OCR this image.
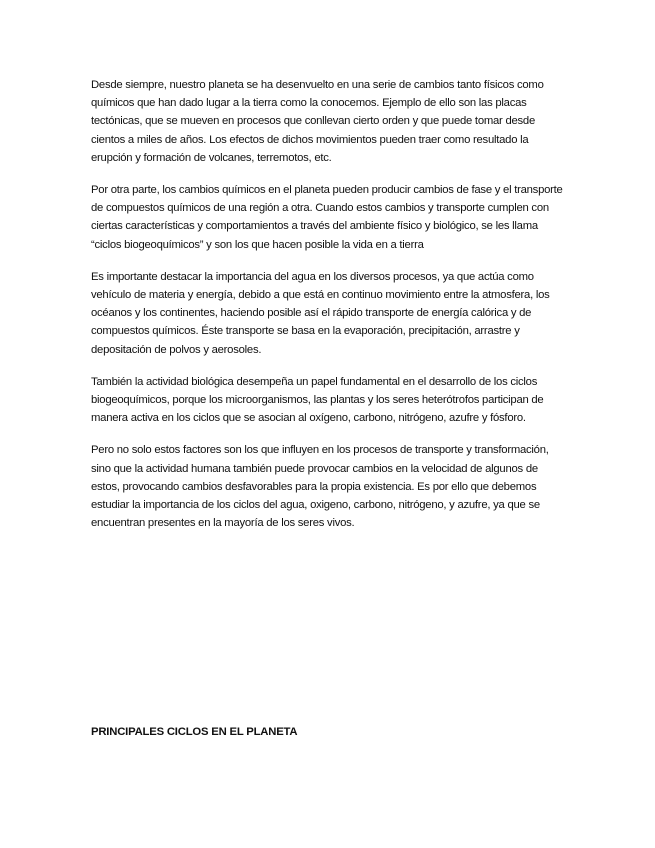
Desde siempre, nuestro planeta se ha desenvuelto en una serie de cambios tanto físicos como químicos que han dado lugar a la tierra como la conocemos. Ejemplo de ello son las placas tectónicas, que se mueven en procesos que conllevan cierto orden y que puede tomar desde cientos a miles de años. Los efectos de dichos movimientos pueden traer como resultado la erupción y formación de volcanes, terremotos, etc.

Por otra parte, los cambios químicos en el planeta pueden producir cambios de fase y el transporte de compuestos químicos de una región a otra. Cuando estos cambios y transporte cumplen con ciertas características y comportamientos a través del ambiente físico y biológico, se les llama “ciclos biogeoquímicos” y son los que hacen posible la vida en a tierra

Es importante destacar la importancia del agua en los diversos procesos, ya que actúa como vehículo de materia y energía, debido a que está en continuo movimiento entre la atmosfera, los océanos y los continentes, haciendo posible así el rápido transporte de energía calórica y de compuestos químicos. Éste transporte se basa en la evaporación, precipitación, arrastre y depositación de polvos y aerosoles.

También la actividad biológica desempeña un papel fundamental en el desarrollo de los ciclos biogeoquímicos, porque los microorganismos, las plantas y los seres heterótrofos participan de manera activa en los ciclos que se asocian al oxígeno, carbono, nitrógeno, azufre y fósforo.

Pero no solo estos factores son los que influyen en los procesos de transporte y transformación, sino que la actividad humana también puede provocar cambios en la velocidad de algunos de estos, provocando cambios desfavorables para la propia existencia. Es por ello que debemos estudiar la importancia de los ciclos del agua, oxigeno, carbono, nitrógeno, y azufre, ya que se encuentran presentes en la mayoría de los seres vivos.

PRINCIPALES CICLOS EN EL PLANETA
